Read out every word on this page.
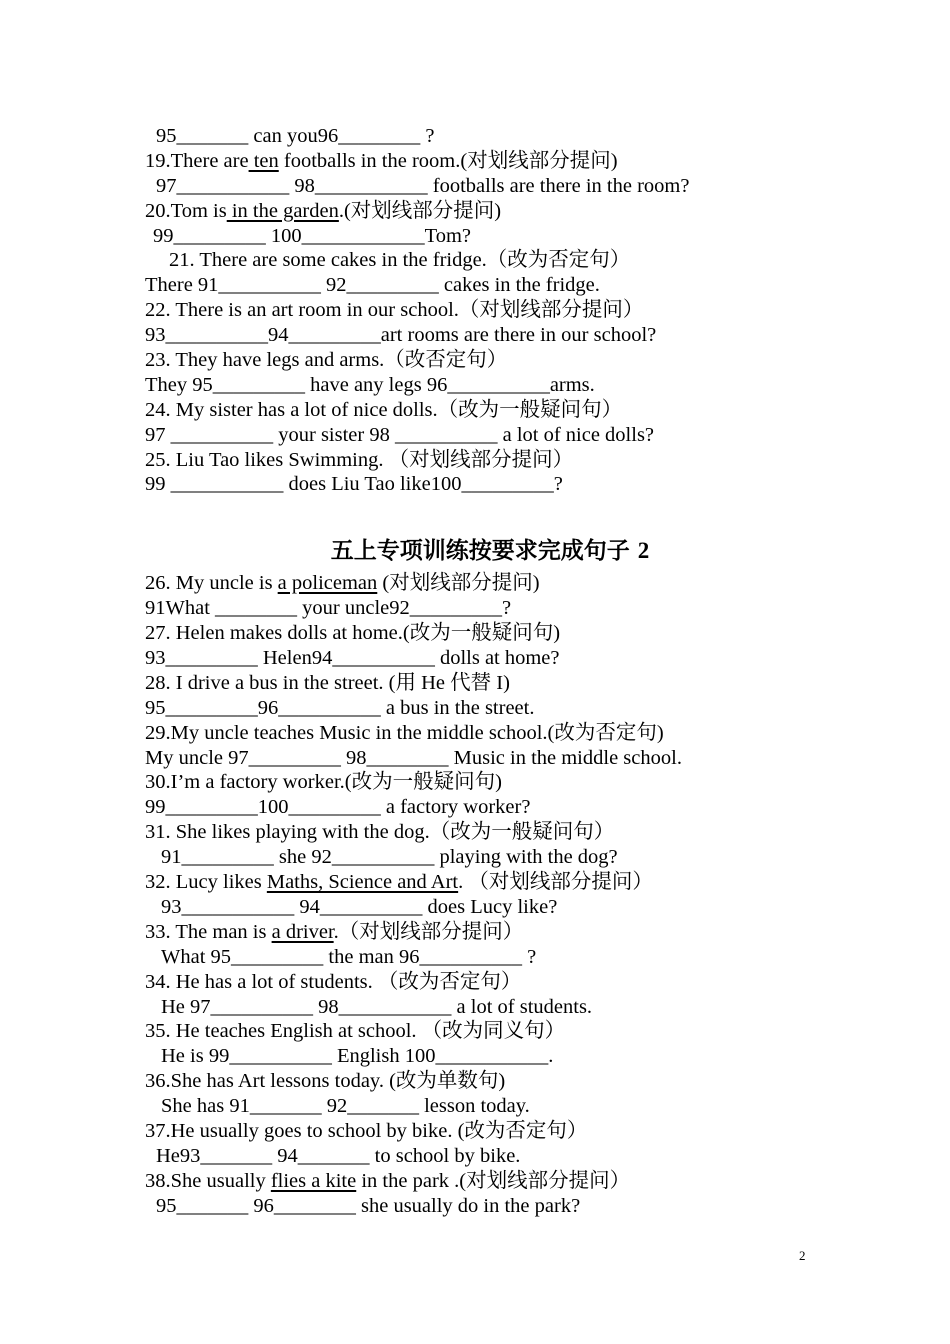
95_______ can you96________ ?
19.There are ten footballs in the room.(对划线部分提问)
97___________ 98___________ footballs are there in the room?
20.Tom is in the garden.(对划线部分提问)
99_________ 100____________Tom?
21. There are some cakes in the fridge.（改为否定句）
There 91__________ 92_________ cakes in the fridge.
22. There is an art room in our school.（对划线部分提问）
93__________94_________art rooms are there in our school?
23. They have legs and arms.（改否定句）
They 95_________ have any legs 96__________arms.
24. My sister has a lot of nice dolls.（改为一般疑问句）
97 __________ your sister 98 __________ a lot of nice dolls?
25. Liu Tao likes Swimming. （对划线部分提问）
99 ___________ does Liu Tao like100_________?
五上专项训练按要求完成句子 2
26. My uncle is a policeman (对划线部分提问)
91What ________ your uncle92_________?
27. Helen makes dolls at home.(改为一般疑问句)
93_________ Helen94__________ dolls at home?
28. I drive a bus in the street. (用 He 代替 I)
95_________96__________ a bus in the street.
29.My uncle teaches Music in the middle school.(改为否定句)
My uncle 97_________ 98________ Music in the middle school.
30.I’m a factory worker.(改为一般疑问句)
99_________100_________ a factory worker?
31. She likes playing with the dog.（改为一般疑问句）
91_________ she 92__________ playing with the dog?
32. Lucy likes Maths, Science and Art. （对划线部分提问）
93___________ 94__________ does Lucy like?
33. The man is a driver.（对划线部分提问）
What 95_________ the man 96__________ ?
34. He has a lot of students. （改为否定句）
He 97__________ 98___________ a lot of students.
35. He teaches English at school. （改为同义句）
He is 99__________ English 100___________.
36.She has Art lessons today. (改为单数句)
She has 91_______ 92_______ lesson today.
37.He usually goes to school by bike. (改为否定句）
He93_______ 94_______ to school by bike.
38.She usually flies a kite in the park .(对划线部分提问）
95_______ 96________ she usually do in the park?
2
